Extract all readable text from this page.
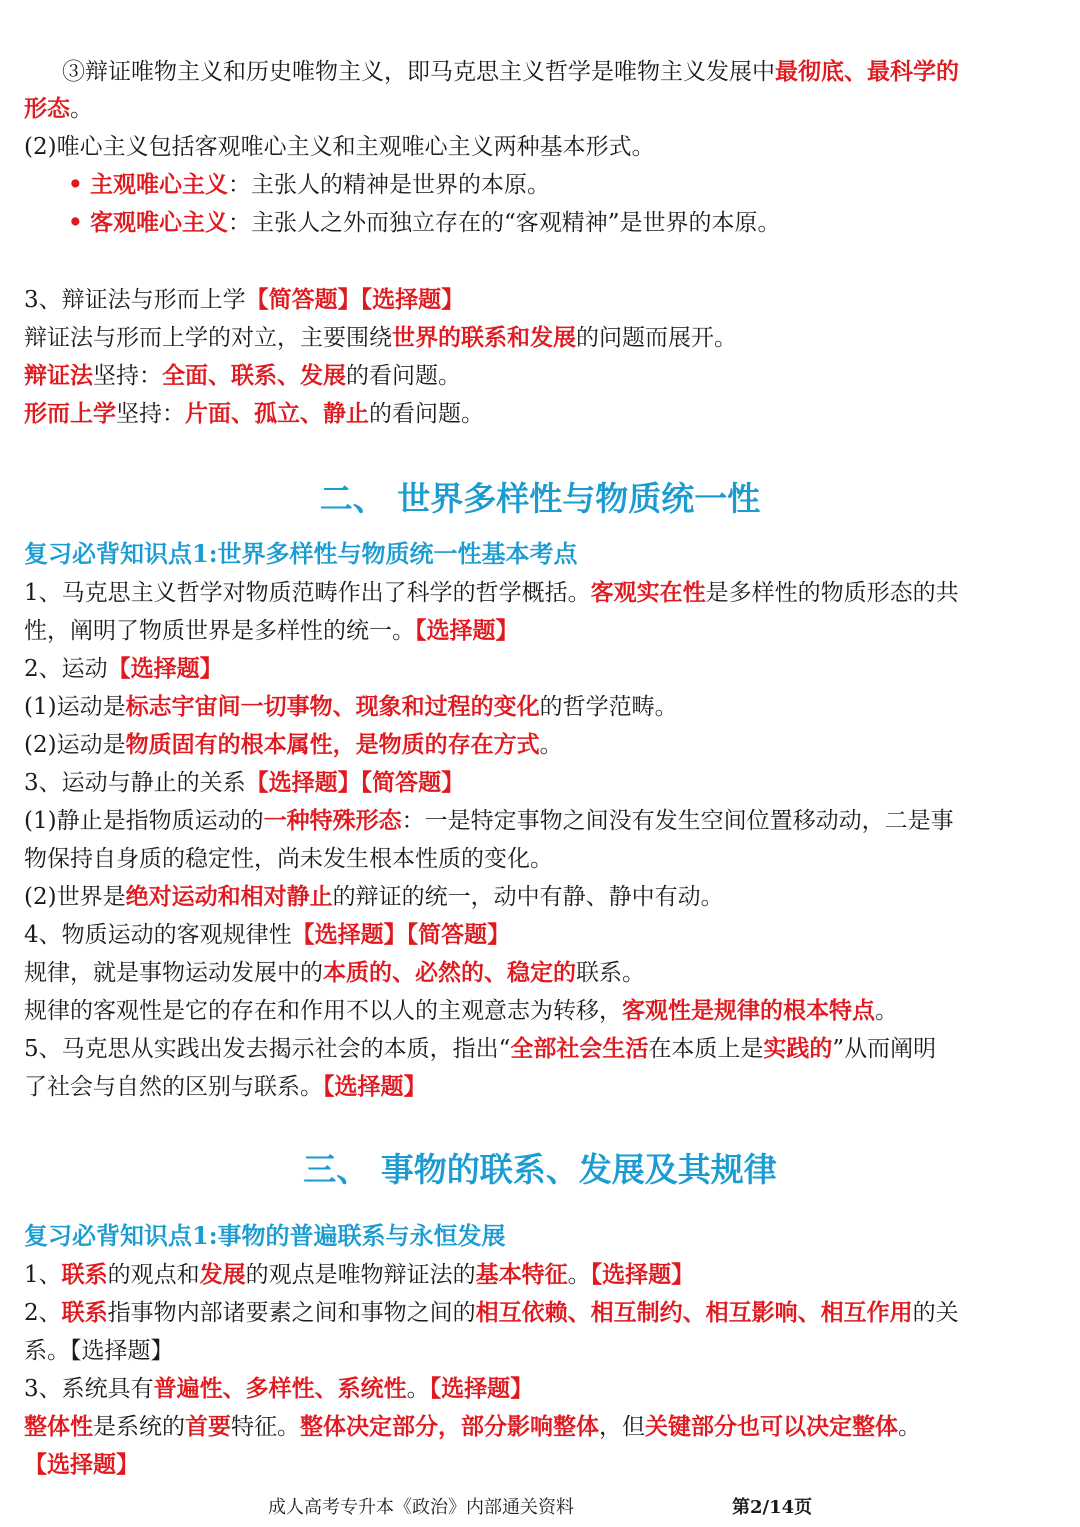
③辩证唯物主义和历史唯物主义，即马克思主义哲学是唯物主义发展中最彻底、最科学的
形态。
(2)唯心主义包括客观唯心主义和主观唯心主义两种基本形式。
• 主观唯心主义：主张人的精神是世界的本原。
• 客观唯心主义：主张人之外而独立存在的“客观精神”是世界的本原。
3、辩证法与形而上学【简答题】【选择题】
辩证法与形而上学的对立，主要围绕世界的联系和发展的问题而展开。
辩证法坚持：全面、联系、发展的看问题。
形而上学坚持：片面、孤立、静止的看问题。
二、 世界多样性与物质统一性
复习必背知识点1:世界多样性与物质统一性基本考点
1、马克思主义哲学对物质范畴作出了科学的哲学概括。客观实在性是多样性的物质形态的共
性，阐明了物质世界是多样性的统一。【选择题】
2、运动【选择题】
(1)运动是标志宇宙间一切事物、现象和过程的变化的哲学范畴。
(2)运动是物质固有的根本属性，是物质的存在方式。
3、运动与静止的关系【选择题】【简答题】
(1)静止是指物质运动的一种特殊形态：一是特定事物之间没有发生空间位置移动动，二是事
物保持自身质的稳定性，尚未发生根本性质的变化。
(2)世界是绝对运动和相对静止的辩证的统一，动中有静、静中有动。
4、物质运动的客观规律性【选择题】【简答题】
规律，就是事物运动发展中的本质的、必然的、稳定的联系。
规律的客观性是它的存在和作用不以人的主观意志为转移，客观性是规律的根本特点。
5、马克思从实践出发去揭示社会的本质，指出“全部社会生活在本质上是实践的”从而阐明
了社会与自然的区别与联系。【选择题】
三、 事物的联系、发展及其规律
复习必背知识点1:事物的普遍联系与永恒发展
1、联系的观点和发展的观点是唯物辩证法的基本特征。【选择题】
2、联系指事物内部诸要素之间和事物之间的相互依赖、相互制约、相互影响、相互作用的关
系。【选择题】
3、系统具有普遍性、多样性、系统性。【选择题】
整体性是系统的首要特征。整体决定部分，部分影响整体，但关键部分也可以决定整体。
【选择题】
成人高考专升本《政治》内部通关资料	第2/14页
